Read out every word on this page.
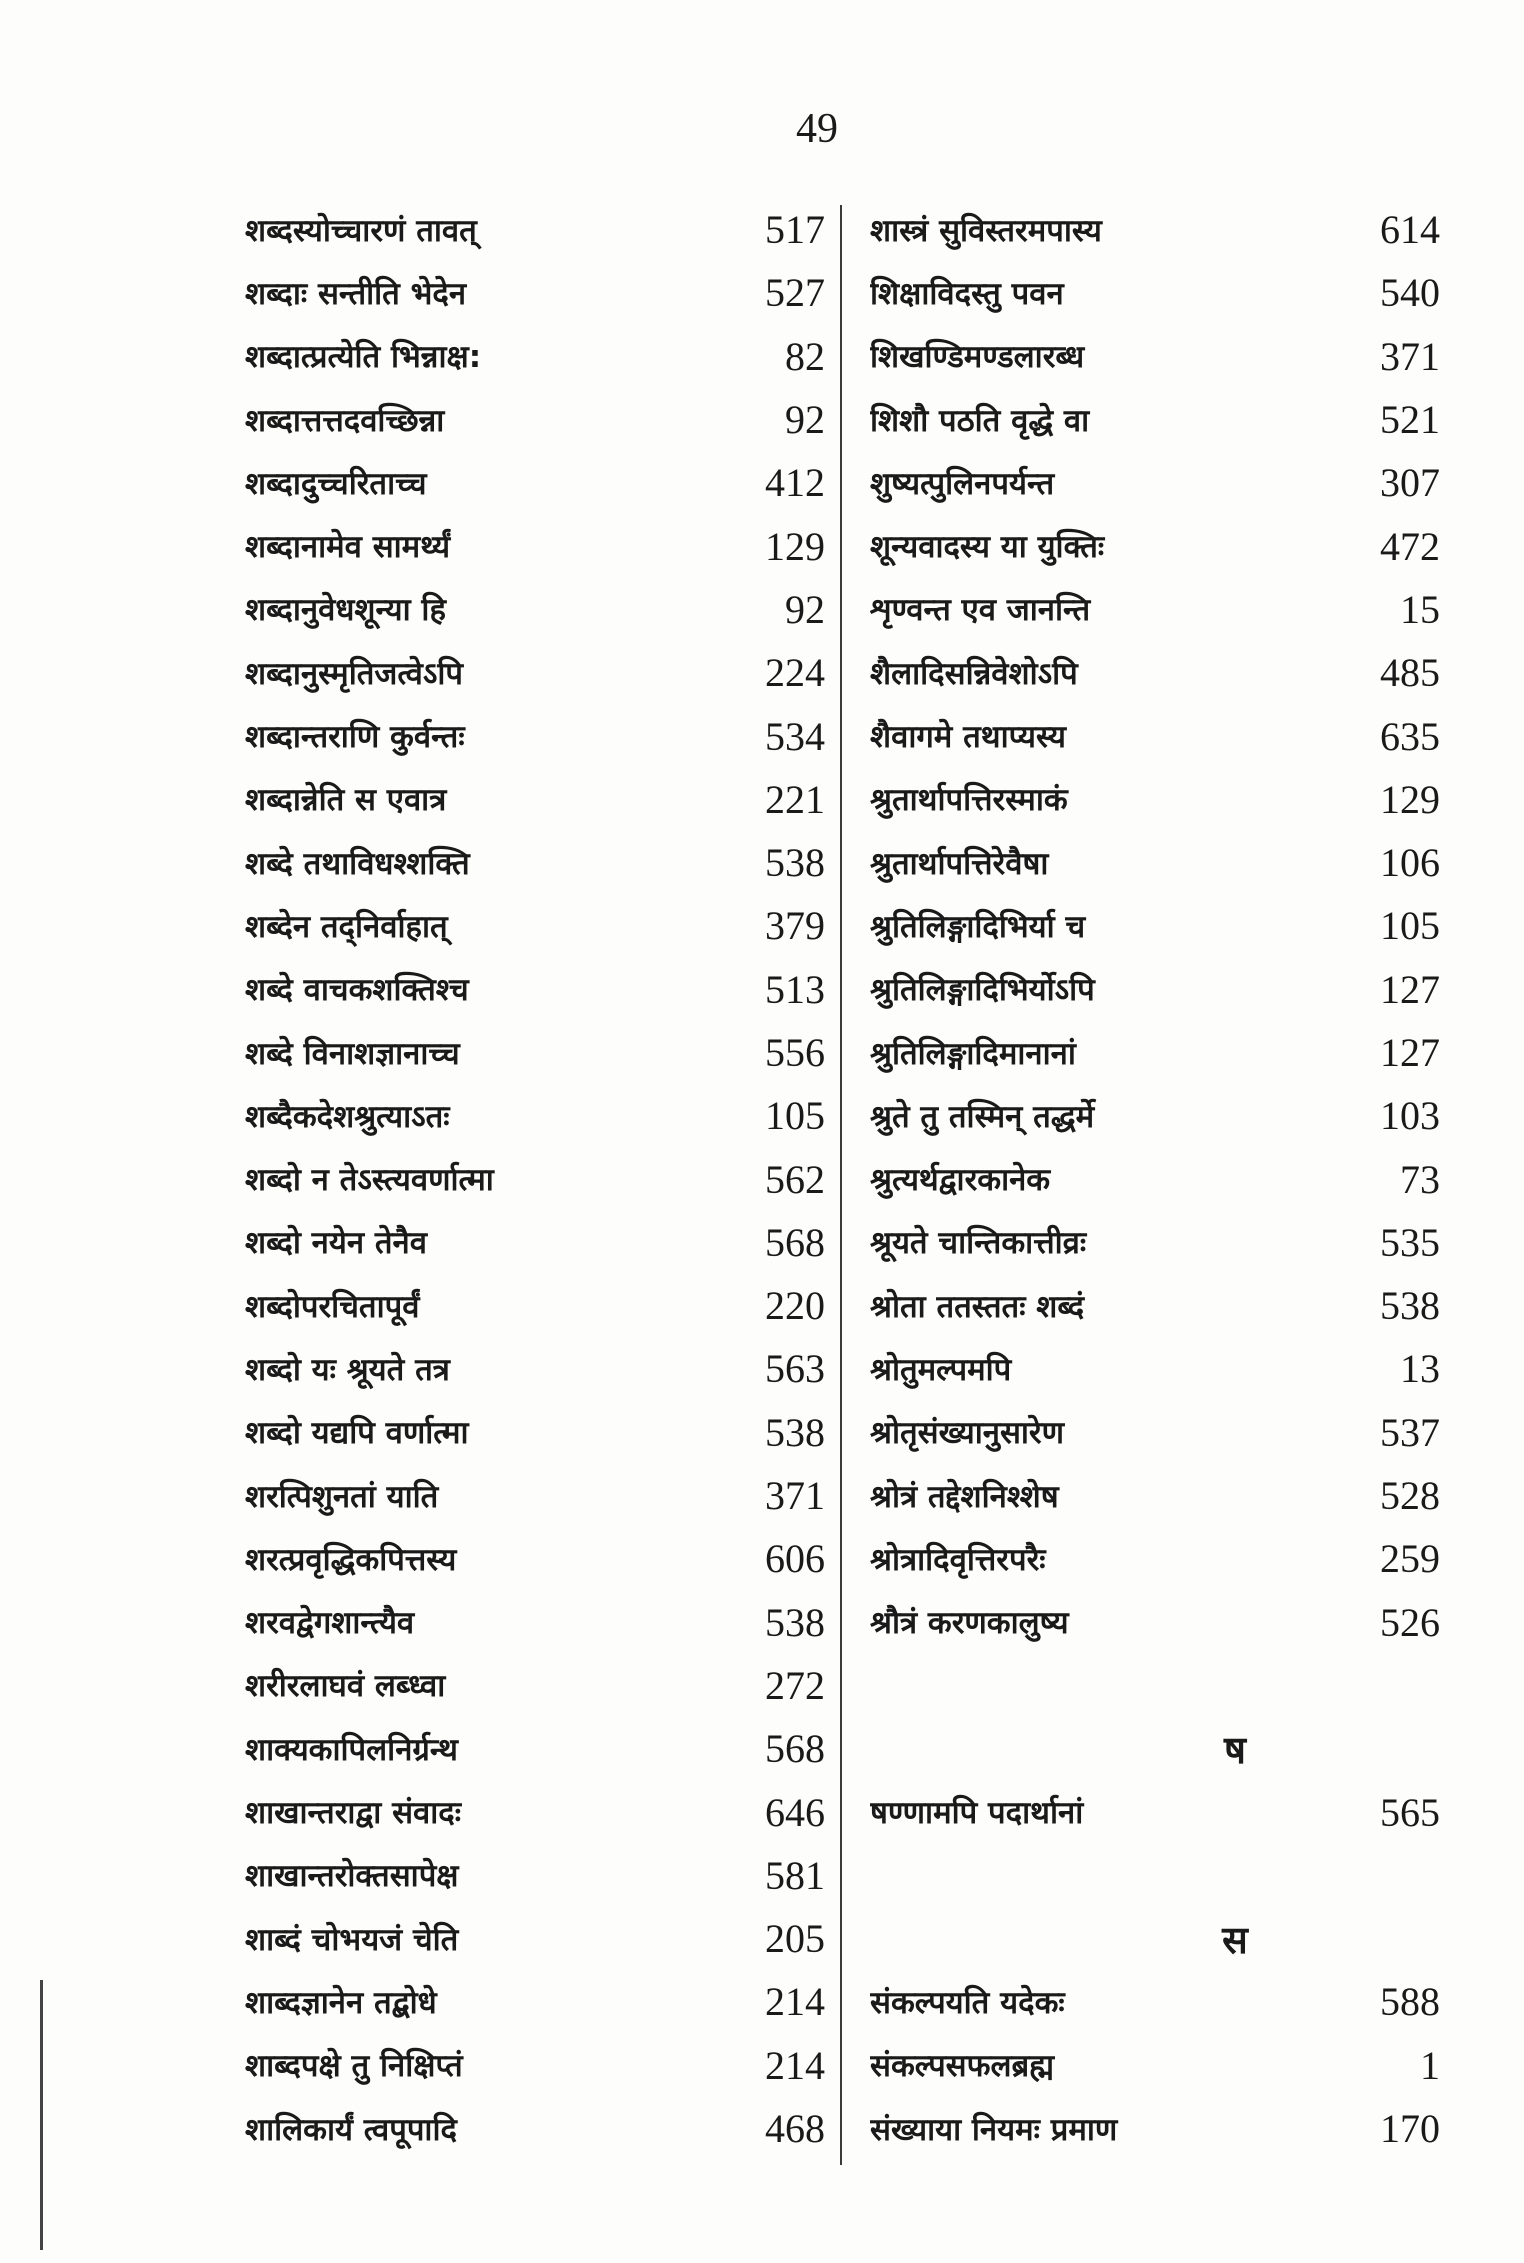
49
शब्दस्योच्चारणं तावत्	517
शब्दाः सन्तीति भेदेन	527
शब्दात्प्रत्येति भिन्नाक्ष:	82
शब्दात्तत्तदवच्छिन्ना	92
शब्दादुच्चरिताच्च	412
शब्दानामेव सामर्थ्यं	129
शब्दानुवेधशून्या हि	92
शब्दानुस्मृतिजत्वेऽपि	224
शब्दान्तराणि कुर्वन्तः	534
शब्दान्नेति स एवात्र	221
शब्दे तथाविधश्शक्ति	538
शब्देन तद्निर्वाहात्	379
शब्दे वाचकशक्तिश्च	513
शब्दे विनाशज्ञानाच्च	556
शब्दैकदेशश्रुत्याऽतः	105
शब्दो न तेऽस्त्यवर्णात्मा	562
शब्दो नयेन तेनैव	568
शब्दोपरचितापूर्वं	220
शब्दो यः श्रूयते तत्र	563
शब्दो यद्यपि वर्णात्मा	538
शरत्पिशुनतां याति	371
शरत्प्रवृद्धिकपित्तस्य	606
शरवद्वेगशान्त्यैव	538
शरीरलाघवं लब्ध्वा	272
शाक्यकापिलनिर्ग्रन्थ	568
शाखान्तराद्वा संवादः	646
शाखान्तरोक्तसापेक्ष	581
शाब्दं चोभयजं चेति	205
शाब्दज्ञानेन तद्बोधे	214
शाब्दपक्षे तु निक्षिप्तं	214
शालिकार्यं त्वपूपादि	468
शास्त्रं सुविस्तरमपास्य	614
शिक्षाविदस्तु पवन	540
शिखण्डिमण्डलारब्ध	371
शिशौ पठति वृद्धे वा	521
शुष्यत्पुलिनपर्यन्त	307
शून्यवादस्य या युक्तिः	472
शृण्वन्त एव जानन्ति	15
शैलादिसन्निवेशोऽपि	485
शैवागमे तथाप्यस्य	635
श्रुतार्थापत्तिरस्माकं	129
श्रुतार्थापत्तिरेवैषा	106
श्रुतिलिङ्गादिभिर्या च	105
श्रुतिलिङ्गादिभिर्योऽपि	127
श्रुतिलिङ्गादिमानानां	127
श्रुते तु तस्मिन् तद्धर्मे	103
श्रुत्यर्थद्वारकानेक	73
श्रूयते चान्तिकात्तीव्रः	535
श्रोता ततस्ततः शब्दं	538
श्रोतुमल्पमपि	13
श्रोतृसंख्यानुसारेण	537
श्रोत्रं तद्देशनिश्शेष	528
श्रोत्रादिवृत्तिरपरैः	259
श्रौत्रं करणकालुष्य	526
ष
षण्णामपि पदार्थानां	565
स
संकल्पयति यदेकः	588
संकल्पसफलब्रह्म	1
संख्याया नियमः प्रमाण	170
